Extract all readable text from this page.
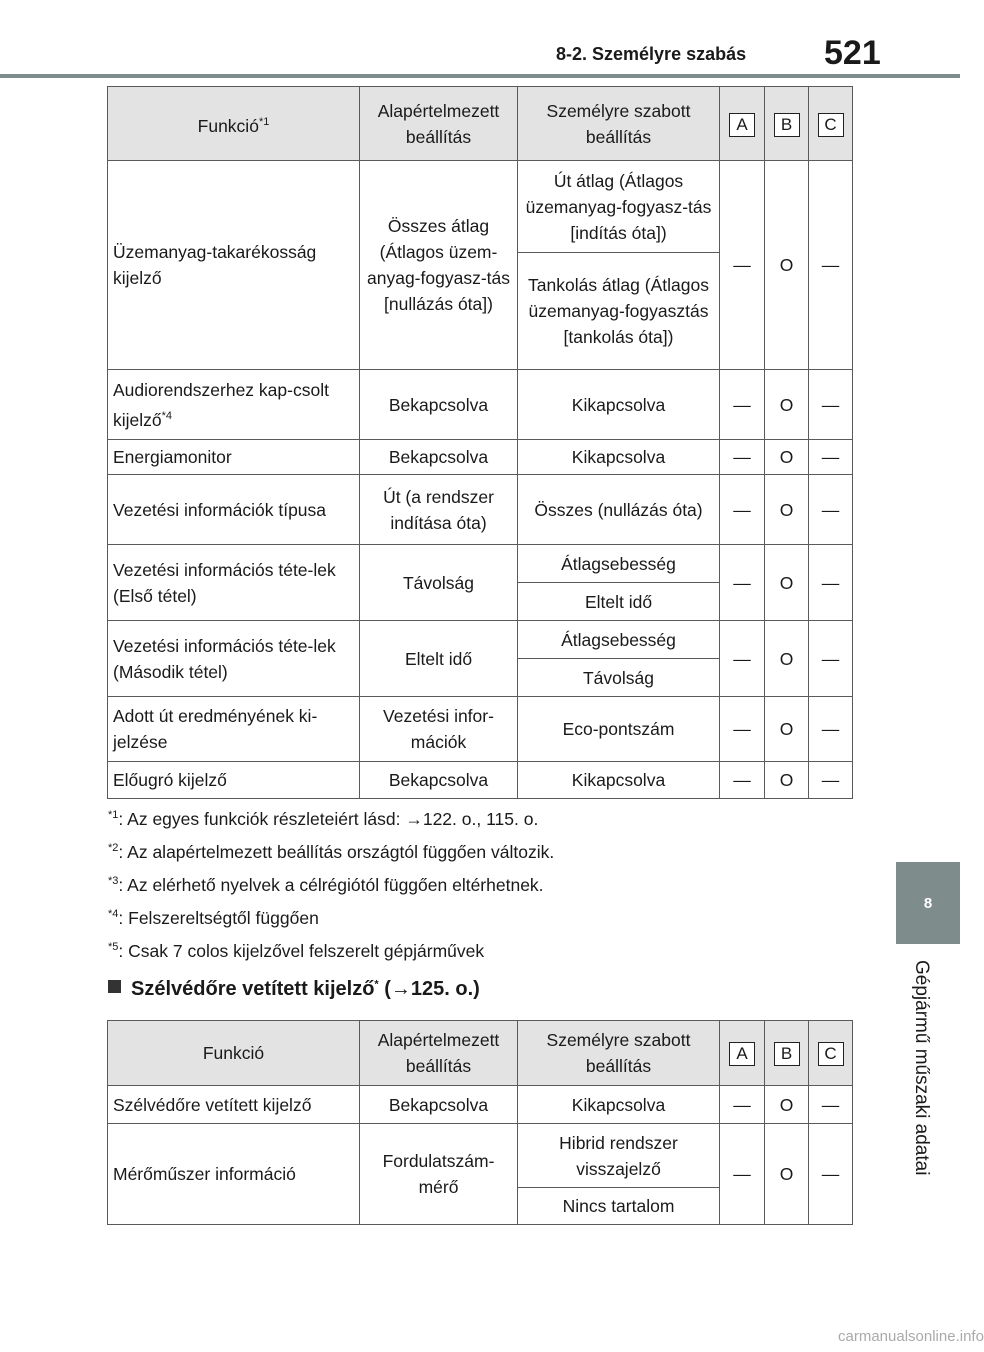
8-2. Személyre szabás 521
8
Gépjármű műszaki adatai
Funkció$^{*1}$	Alapértelmezett beállítás	Személyre szabott beállítás	A	B	C
Üzemanyag-takarékosság kijelző	Összes átlag (Átlagos üzem-anyag-fogyasz-tás [nullázás óta])	Út átlag (Átlagos üzemanyag-fogyasz-tás [indítás óta])	—	O	—
		Tankolás átlag (Átlagos üzemanyag-fogyasztás [tankolás óta])			
Audiorendszerhez kap-csolt kijelző$^{*4}$	Bekapcsolva	Kikapcsolva	—	O	—
Energiamonitor	Bekapcsolva	Kikapcsolva	—	O	—
Vezetési információk típusa	Út (a rendszer indítása óta)	Összes (nullázás óta)	—	O	—
Vezetési információs téte-lek (Első tétel)	Távolság	Átlagsebesség	—	O	—
		Eltelt idő			
Vezetési információs téte-lek (Második tétel)	Eltelt idő	Átlagsebesség	—	O	—
		Távolság			
Adott út eredményének ki-jelzése	Vezetési infor-mációk	Eco-pontszám	—	O	—
Előugró kijelző	Bekapcsolva	Kikapcsolva	—	O	—
$^{*1}$: Az egyes funkciók részleteiért lásd: →122. o., 115. o.
$^{*2}$: Az alapértelmezett beállítás országtól függően változik.
$^{*3}$: Az elérhető nyelvek a célrégiótól függően eltérhetnek.
$^{*4}$: Felszereltségtől függően
$^{*5}$: Csak 7 colos kijelzővel felszerelt gépjárművek
Szélvédőre vetített kijelző* (→125. o.)
Funkció	Alapértelmezett beállítás	Személyre szabott beállítás	A	B	C
Szélvédőre vetített kijelző	Bekapcsolva	Kikapcsolva	—	O	—
Mérőműszer információ	Fordulatszám-mérő	Hibrid rendszer visszajelző	—	O	—
		Nincs tartalom			
carmanualsonline.info
